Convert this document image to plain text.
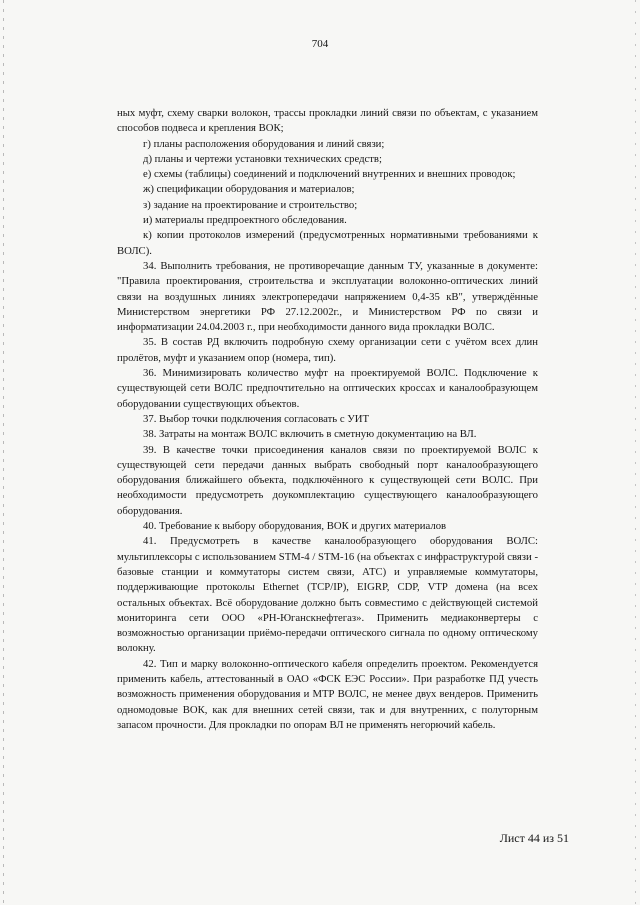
704

ных муфт, схему сварки волокон, трассы прокладки линий связи по объектам, с указанием способов подвеса и крепления ВОК;

г) планы расположения оборудования и линий связи;

д) планы и чертежи установки технических средств;

е) схемы (таблицы) соединений и подключений внутренних и внешних проводок;

ж) спецификации оборудования и материалов;

з) задание на проектирование и строительство;

и) материалы предпроектного обследования.

к) копии протоколов измерений (предусмотренных нормативными требованиями к ВОЛС).

34. Выполнить требования, не противоречащие данным ТУ, указанные в документе: "Правила проектирования, строительства и эксплуатации волоконно-оптических линий связи на воздушных линиях электропередачи напряжением 0,4-35 кВ", утверждённые Министерством энергетики РФ 27.12.2002г., и Министерством РФ по связи и информатизации 24.04.2003 г., при необходимости данного вида прокладки ВОЛС.

35. В состав РД включить подробную схему организации сети с учётом всех длин пролётов, муфт и указанием опор (номера, тип).

36. Минимизировать количество муфт на проектируемой ВОЛС. Подключение к существующей сети ВОЛС предпочтительно на оптических кроссах и каналообразующем оборудовании существующих объектов.

37. Выбор точки подключения согласовать с УИТ

38. Затраты на монтаж ВОЛС включить в сметную документацию на ВЛ.

39. В качестве точки присоединения каналов связи по проектируемой ВОЛС к существующей сети передачи данных выбрать свободный порт каналообразующего оборудования ближайшего объекта, подключённого к существующей сети ВОЛС. При необходимости предусмотреть доукомплектацию существующего каналообразующего оборудования.

40. Требование к выбору оборудования, ВОК и других материалов

41. Предусмотреть в качестве каналообразующего оборудования ВОЛС: мультиплексоры с использованием STM-4 / STM-16 (на объектах с инфраструктурой связи - базовые станции и коммутаторы систем связи, АТС) и управляемые коммутаторы, поддерживающие протоколы Ethernet (TCP/IP), EIGRP, CDP, VTP домена (на всех остальных объектах. Всё оборудование должно быть совместимо с действующей системой мониторинга сети ООО «РН-Юганскнефтегаз». Применить медиаконвертеры с возможностью организации приёмо-передачи оптического сигнала по одному оптическому волокну.

42. Тип и марку волоконно-оптического кабеля определить проектом. Рекомендуется применить кабель, аттестованный в ОАО «ФСК ЕЭС России». При разработке ПД учесть возможность применения оборудования и МТР ВОЛС, не менее двух вендеров. Применить одномодовые ВОК, как для внешних сетей связи, так и для внутренних, с полуторным запасом прочности. Для прокладки по опорам ВЛ не применять негорючий кабель.

Лист 44 из 51
